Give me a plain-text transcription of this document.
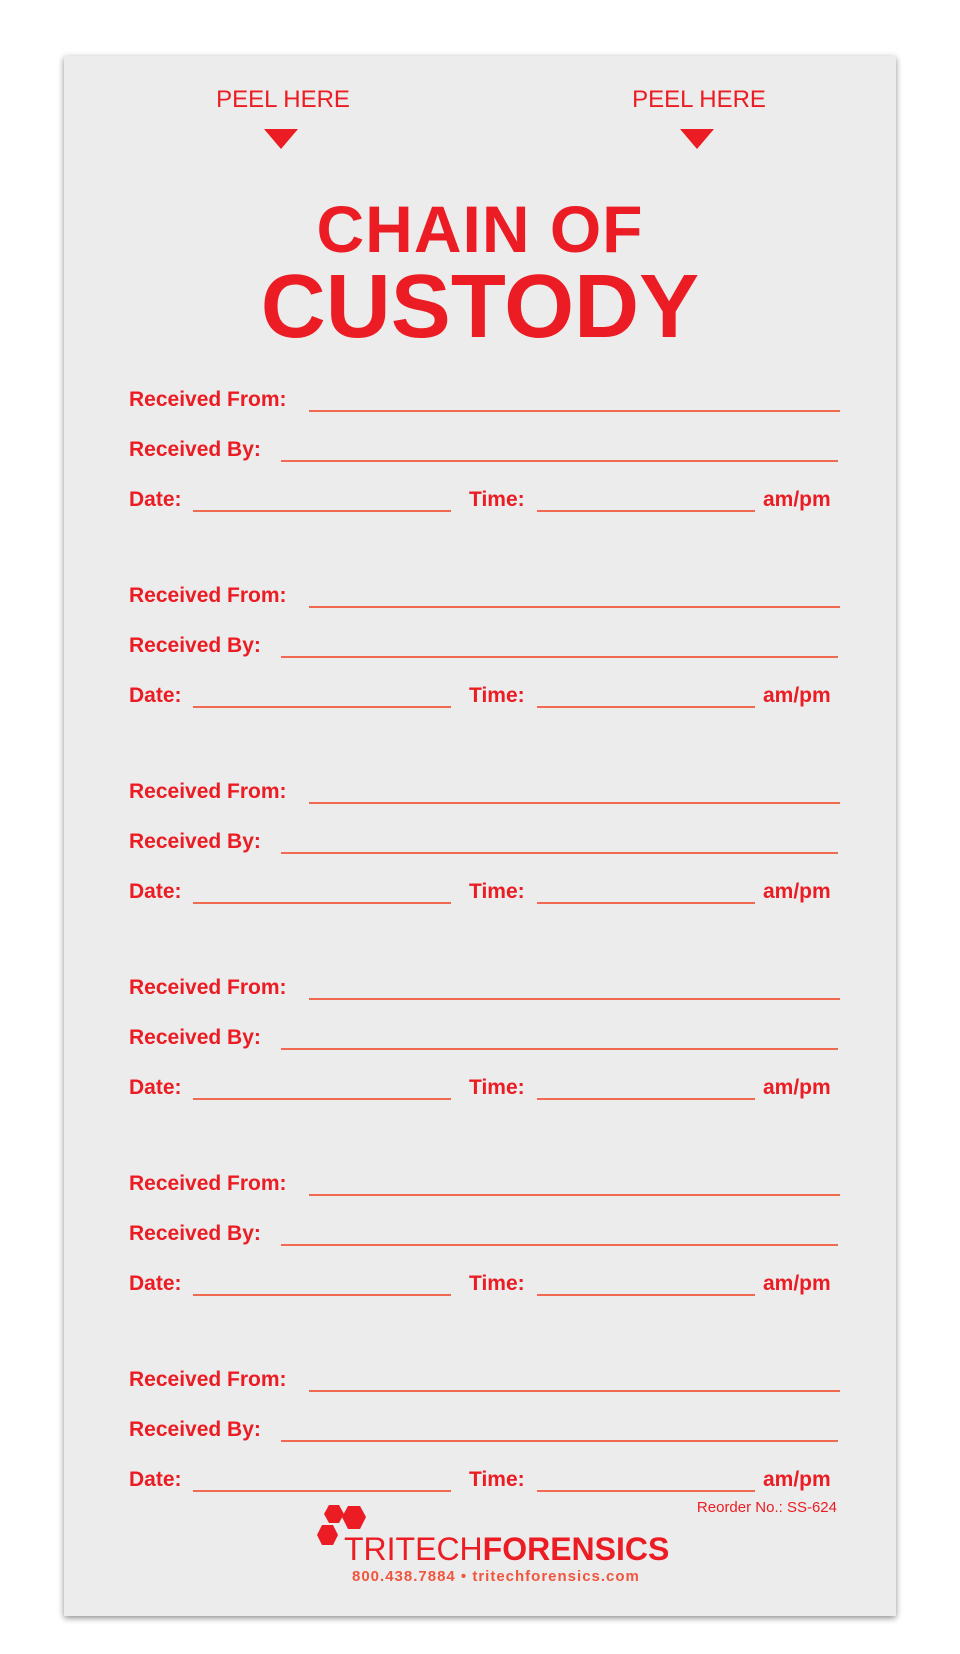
PEEL HERE	PEEL HERE
CHAIN OF
CUSTODY
Received From:
Received By:
Date:	Time:	am/pm
Received From:
Received By:
Date:	Time:	am/pm
Received From:
Received By:
Date:	Time:	am/pm
Received From:
Received By:
Date:	Time:	am/pm
Received From:
Received By:
Date:	Time:	am/pm
Received From:
Received By:
Date:	Time:	am/pm
Reorder No.: SS-624
TRITECHFORENSICS
800.438.7884 • tritechforensics.com
